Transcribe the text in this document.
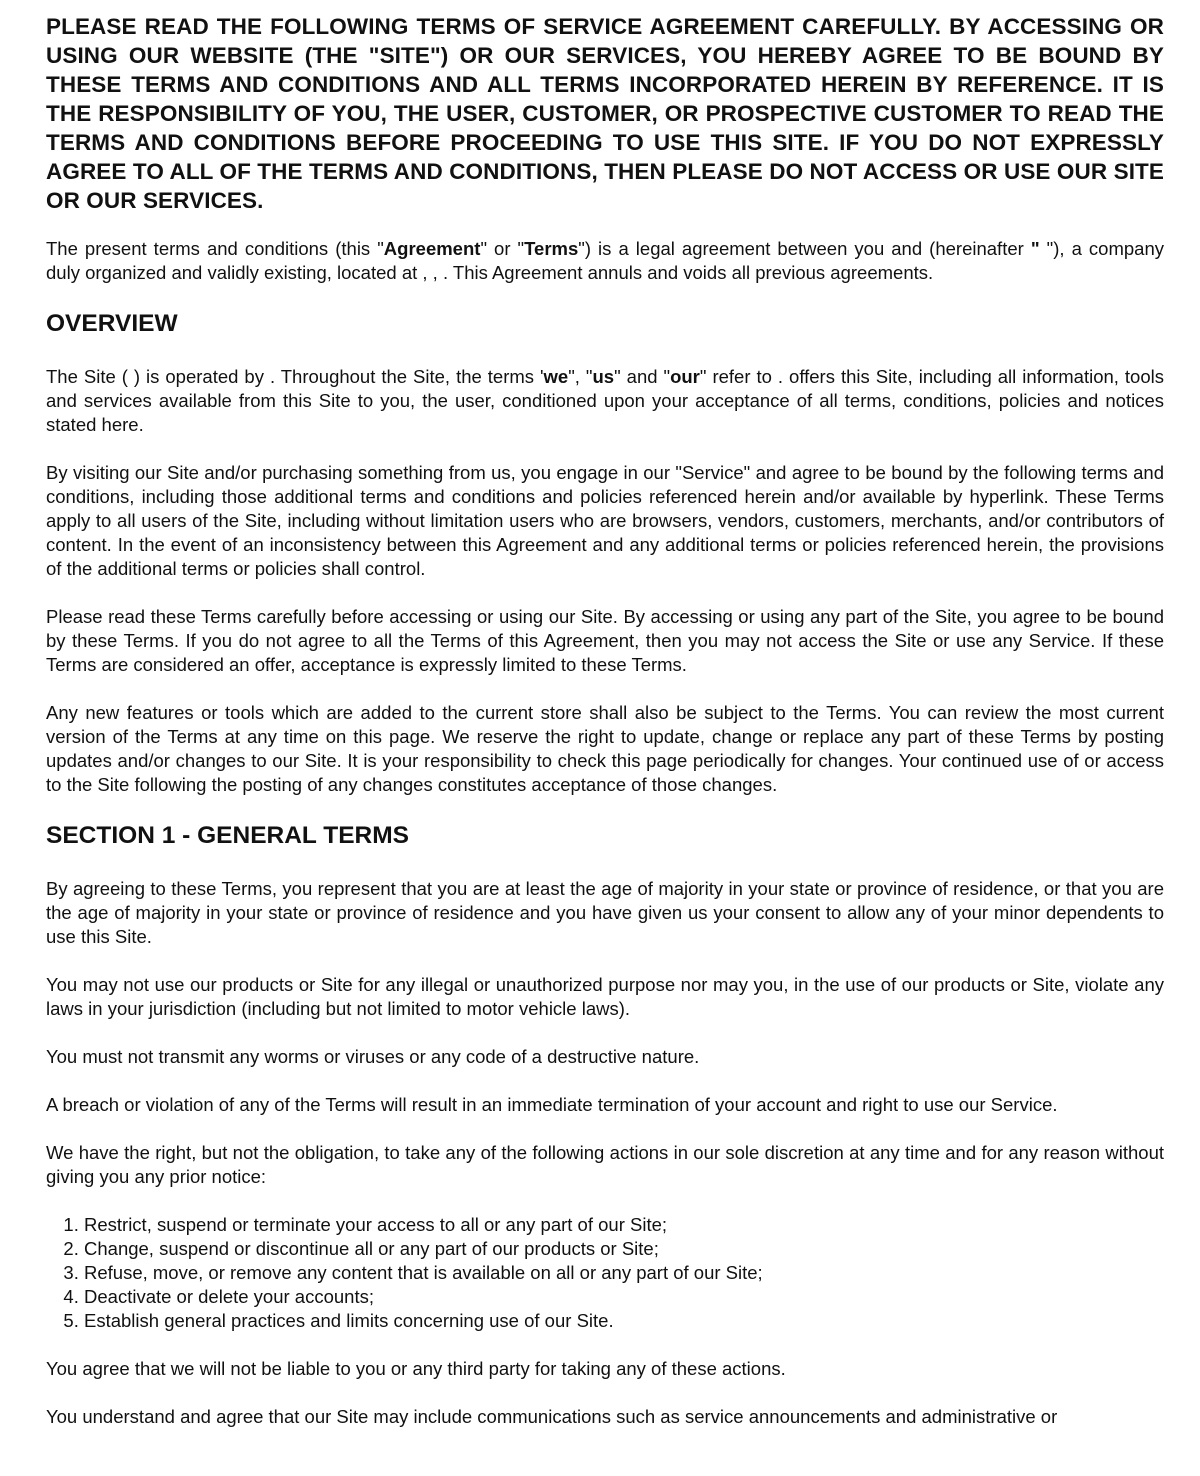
PLEASE READ THE FOLLOWING TERMS OF SERVICE AGREEMENT CAREFULLY. BY ACCESSING OR USING OUR WEBSITE (THE "SITE") OR OUR SERVICES, YOU HEREBY AGREE TO BE BOUND BY THESE TERMS AND CONDITIONS AND ALL TERMS INCORPORATED HEREIN BY REFERENCE. IT IS THE RESPONSIBILITY OF YOU, THE USER, CUSTOMER, OR PROSPECTIVE CUSTOMER TO READ THE TERMS AND CONDITIONS BEFORE PROCEEDING TO USE THIS SITE. IF YOU DO NOT EXPRESSLY AGREE TO ALL OF THE TERMS AND CONDITIONS, THEN PLEASE DO NOT ACCESS OR USE OUR SITE OR OUR SERVICES.

The present terms and conditions (this "Agreement" or "Terms") is a legal agreement between you and (hereinafter " "), a company duly organized and validly existing, located at , , . This Agreement annuls and voids all previous agreements.

OVERVIEW

The Site ( ) is operated by . Throughout the Site, the terms 'we", "us" and "our" refer to . offers this Site, including all information, tools and services available from this Site to you, the user, conditioned upon your acceptance of all terms, conditions, policies and notices stated here.

By visiting our Site and/or purchasing something from us, you engage in our "Service" and agree to be bound by the following terms and conditions, including those additional terms and conditions and policies referenced herein and/or available by hyperlink. These Terms apply to all users of the Site, including without limitation users who are browsers, vendors, customers, merchants, and/or contributors of content. In the event of an inconsistency between this Agreement and any additional terms or policies referenced herein, the provisions of the additional terms or policies shall control.

Please read these Terms carefully before accessing or using our Site. By accessing or using any part of the Site, you agree to be bound by these Terms. If you do not agree to all the Terms of this Agreement, then you may not access the Site or use any Service. If these Terms are considered an offer, acceptance is expressly limited to these Terms.

Any new features or tools which are added to the current store shall also be subject to the Terms. You can review the most current version of the Terms at any time on this page. We reserve the right to update, change or replace any part of these Terms by posting updates and/or changes to our Site. It is your responsibility to check this page periodically for changes. Your continued use of or access to the Site following the posting of any changes constitutes acceptance of those changes.

SECTION 1 - GENERAL TERMS

By agreeing to these Terms, you represent that you are at least the age of majority in your state or province of residence, or that you are the age of majority in your state or province of residence and you have given us your consent to allow any of your minor dependents to use this Site.

You may not use our products or Site for any illegal or unauthorized purpose nor may you, in the use of our products or Site, violate any laws in your jurisdiction (including but not limited to motor vehicle laws).

You must not transmit any worms or viruses or any code of a destructive nature.

A breach or violation of any of the Terms will result in an immediate termination of your account and right to use our Service.

We have the right, but not the obligation, to take any of the following actions in our sole discretion at any time and for any reason without giving you any prior notice:

1. Restrict, suspend or terminate your access to all or any part of our Site;
2. Change, suspend or discontinue all or any part of our products or Site;
3. Refuse, move, or remove any content that is available on all or any part of our Site;
4. Deactivate or delete your accounts;
5. Establish general practices and limits concerning use of our Site.

You agree that we will not be liable to you or any third party for taking any of these actions.

You understand and agree that our Site may include communications such as service announcements and administrative or
